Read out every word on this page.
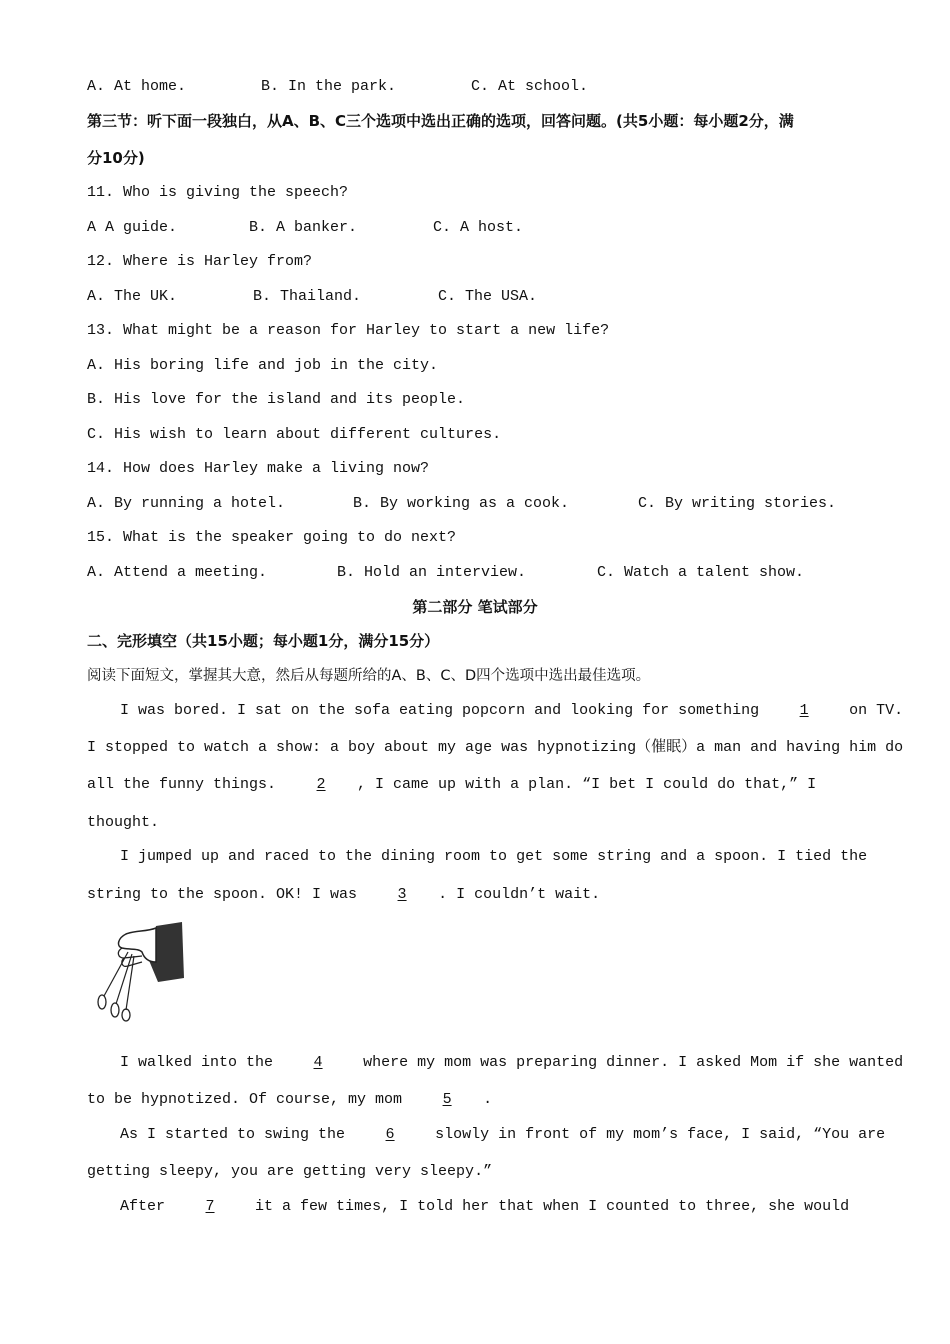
A. At home.	B. In the park.	C. At school.
第三节：听下面一段独白，从A、B、C三个选项中选出正确的选项，回答问题。(共5小题：每小题2分，满
分10分)
11. Who is giving the speech?
A A guide.	B. A banker.	C. A host.
12. Where is Harley from?
A. The UK.	B. Thailand.	C. The USA.
13. What might be a reason for Harley to start a new life?
A. His boring life and job in the city.
B. His love for the island and its people.
C. His wish to learn about different cultures.
14. How does Harley make a living now?
A. By running a hotel.	B. By working as a cook.	C. By writing stories.
15. What is the speaker going to do next?
A. Attend a meeting.	B. Hold an interview.	C. Watch a talent show.
第二部分 笔试部分
二、完形填空（共15小题；每小题1分，满分15分）
阅读下面短文，掌握其大意，然后从每题所给的A、B、C、D四个选项中选出最佳选项。
I was bored. I sat on the sofa eating popcorn and looking for something	1	on TV.
I stopped to watch a show: a boy about my age was hypnotizing（催眠）a man and having him do
all the funny things.	2 , I came up with a plan. “I bet I could do that,” I
thought.
I jumped up and raced to the dining room to get some string and a spoon. I tied the
string to the spoon. OK! I was	3 . I couldn’t wait.
I walked into the	4	where my mom was preparing dinner. I asked Mom if she wanted
to be hypnotized. Of course, my mom	5 .
As I started to swing the	6	slowly in front of my mom’s face, I said, “You are
getting sleepy, you are getting very sleepy.”
After	7	it a few times, I told her that when I counted to three, she would
